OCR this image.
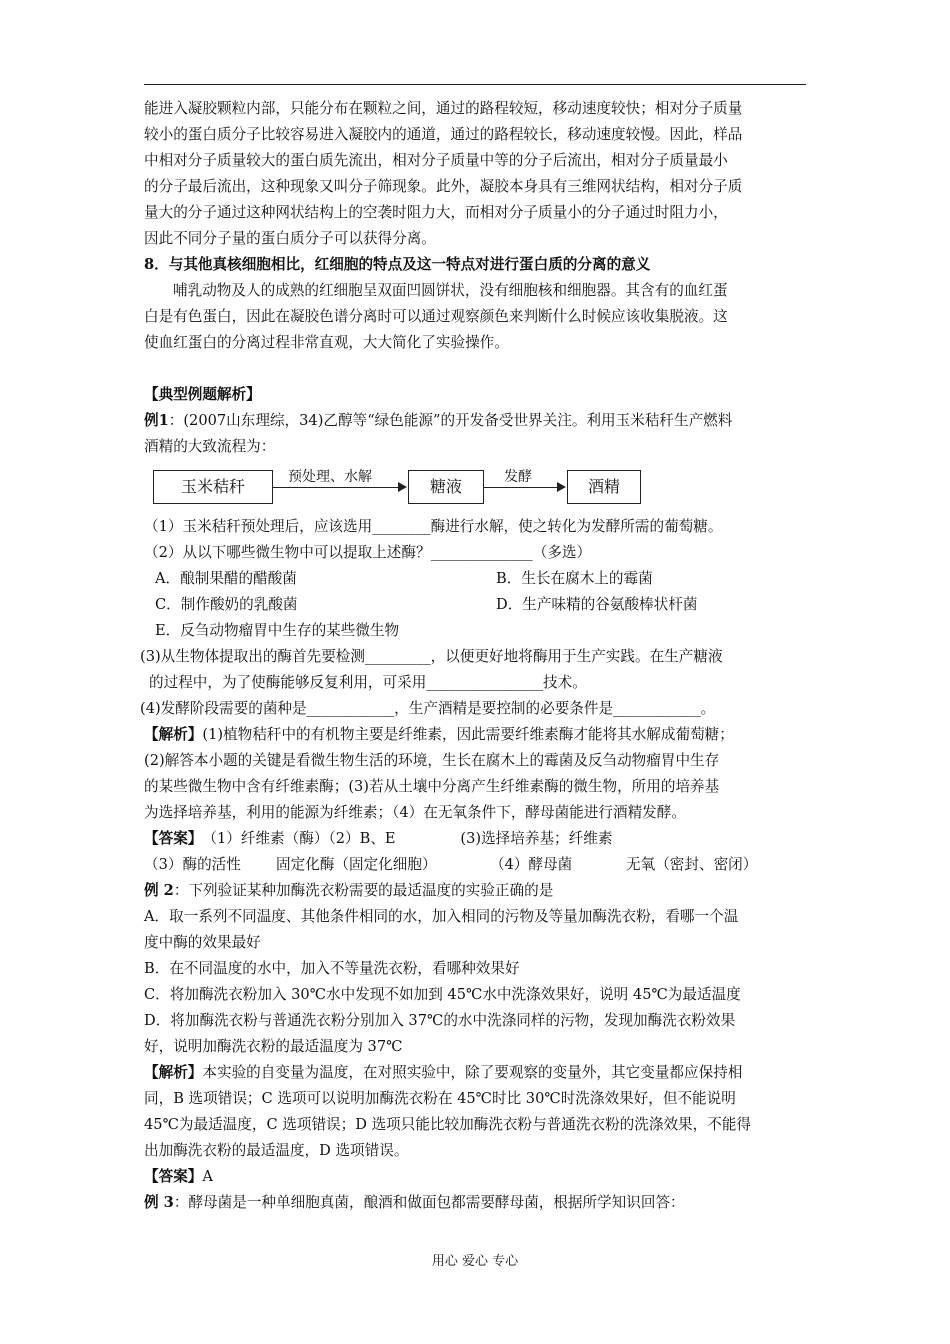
能进入凝胶颗粒内部，只能分布在颗粒之间，通过的路程较短，移动速度较快；相对分子质量

较小的蛋白质分子比较容易进入凝胶内的通道，通过的路程较长，移动速度较慢。因此，样品

中相对分子质量较大的蛋白质先流出，相对分子质量中等的分子后流出，相对分子质量最小

的分子最后流出，这种现象又叫分子筛现象。此外，凝胶本身具有三维网状结构，相对分子质

量大的分子通过这种网状结构上的空袭时阻力大，而相对分子质量小的分子通过时阻力小，

因此不同分子量的蛋白质分子可以获得分离。

8．与其他真核细胞相比，红细胞的特点及这一特点对进行蛋白质的分离的意义

哺乳动物及人的成熟的红细胞呈双面凹圆饼状，没有细胞核和细胞器。其含有的血红蛋

白是有色蛋白，因此在凝胶色谱分离时可以通过观察颜色来判断什么时候应该收集脱液。这

使血红蛋白的分离过程非常直观，大大简化了实验操作。

【典型例题解析】

例1：(2007山东理综，34)乙醇等“绿色能源”的开发备受世界关注。利用玉米秸秆生产燃料

酒精的大致流程为：

玉米秸秆	预处理、水解	糖液	发酵	酒精

（1）玉米秸秆预处理后，应该选用________酶进行水解，使之转化为发酵所需的葡萄糖。

（2）从以下哪些微生物中可以提取上述酶？______________（多选）

A．酿制果醋的醋酸菌	B．生长在腐木上的霉菌
C．制作酸奶的乳酸菌	D．生产味精的谷氨酸棒状杆菌

E．反刍动物瘤胃中生存的某些微生物

(3)从生物体提取出的酶首先要检测_________，以便更好地将酶用于生产实践。在生产糖液

的过程中，为了使酶能够反复利用，可采用________________技术。

(4)发酵阶段需要的菌种是____________，生产酒精是要控制的必要条件是____________。

【解析】(1)植物秸秆中的有机物主要是纤维素，因此需要纤维素酶才能将其水解成葡萄糖；

(2)解答本小题的关键是看微生物生活的环境，生长在腐木上的霉菌及反刍动物瘤胃中生存

的某些微生物中含有纤维素酶；(3)若从土壤中分离产生纤维素酶的微生物，所用的培养基

为选择培养基，利用的能源为纤维素；（4）在无氧条件下，酵母菌能进行酒精发酵。

【答案】 （1）纤维素（酶）（2）B、E	(3)选择培养基；纤维素
（3）酶的活性	固定化酶（固定化细胞）	（4）酵母菌	无氧（密封、密闭）

例 2：下列验证某种加酶洗衣粉需要的最适温度的实验正确的是

A．取一系列不同温度、其他条件相同的水，加入相同的污物及等量加酶洗衣粉，看哪一个温

度中酶的效果最好

B．在不同温度的水中，加入不等量洗衣粉，看哪种效果好

C．将加酶洗衣粉加入 30℃水中发现不如加到 45℃水中洗涤效果好，说明 45℃为最适温度

D．将加酶洗衣粉与普通洗衣粉分别加入 37℃的水中洗涤同样的污物，发现加酶洗衣粉效果

好，说明加酶洗衣粉的最适温度为 37℃

【解析】本实验的自变量为温度，在对照实验中，除了要观察的变量外，其它变量都应保持相

同，B 选项错误；C 选项可以说明加酶洗衣粉在 45℃时比 30℃时洗涤效果好，但不能说明

45℃为最适温度，C 选项错误；D 选项只能比较加酶洗衣粉与普通洗衣粉的洗涤效果，不能得

出加酶洗衣粉的最适温度，D 选项错误。

【答案】A

例 3：酵母菌是一种单细胞真菌，酿酒和做面包都需要酵母菌，根据所学知识回答：

用心 爱心 专心
